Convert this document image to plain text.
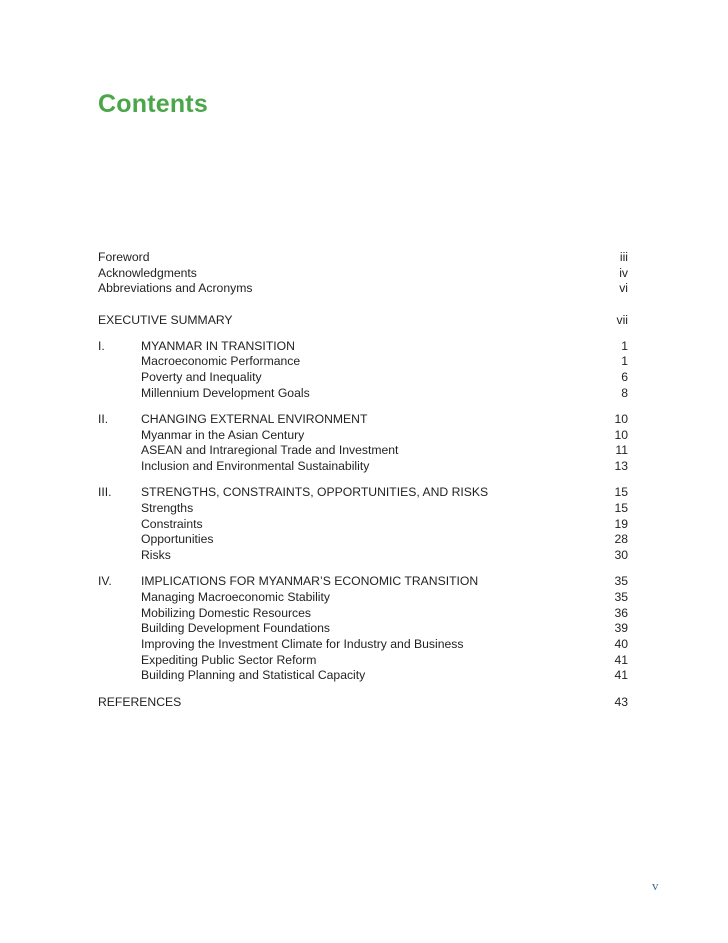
Contents
Foreword	iii
Acknowledgments	iv
Abbreviations and Acronyms	vi
EXECUTIVE SUMMARY	vii
I.	MYANMAR IN TRANSITION	1
Macroeconomic Performance	1
Poverty and Inequality	6
Millennium Development Goals	8
II.	CHANGING EXTERNAL ENVIRONMENT	10
Myanmar in the Asian Century	10
ASEAN and Intraregional Trade and Investment	11
Inclusion and Environmental Sustainability	13
III.	STRENGTHS, CONSTRAINTS, OPPORTUNITIES, AND RISKS	15
Strengths	15
Constraints	19
Opportunities	28
Risks	30
IV.	IMPLICATIONS FOR MYANMAR’S ECONOMIC TRANSITION	35
Managing Macroeconomic Stability	35
Mobilizing Domestic Resources	36
Building Development Foundations	39
Improving the Investment Climate for Industry and Business	40
Expediting Public Sector Reform	41
Building Planning and Statistical Capacity	41
REFERENCES	43
v
